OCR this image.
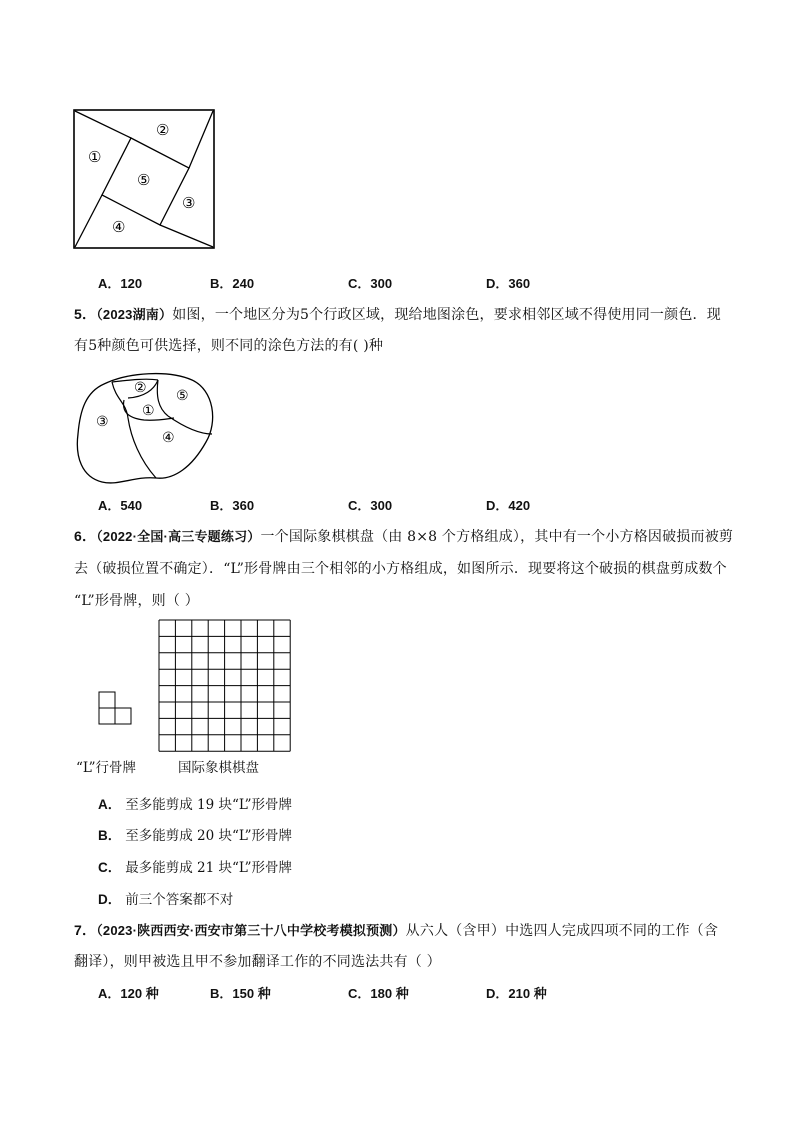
①
②
③
④
⑤
A．120	B．240	C．300	D．360
5．（2023湖南）如图，一个地区分为5个行政区域，现给地图涂色，要求相邻区域不得使用同一颜色．现
有5种颜色可供选择，则不同的涂色方法的有( )种
①
②
③
④
⑤
A．540	B．360	C．300	D．420
6．（2022·全国·高三专题练习）一个国际象棋棋盘（由 8×8 个方格组成），其中有一个小方格因破损而被剪
去（破损位置不确定）．“L”形骨牌由三个相邻的小方格组成，如图所示．现要将这个破损的棋盘剪成数个
“L”形骨牌，则（ ）
“L”行骨牌	国际象棋棋盘
A． 至多能剪成 19 块“L”形骨牌
B． 至多能剪成 20 块“L”形骨牌
C． 最多能剪成 21 块“L”形骨牌
D． 前三个答案都不对
7．（2023·陕西西安·西安市第三十八中学校考模拟预测）从六人（含甲）中选四人完成四项不同的工作（含
翻译），则甲被选且甲不参加翻译工作的不同选法共有（ ）
A．120 种	B．150 种	C．180 种	D．210 种
